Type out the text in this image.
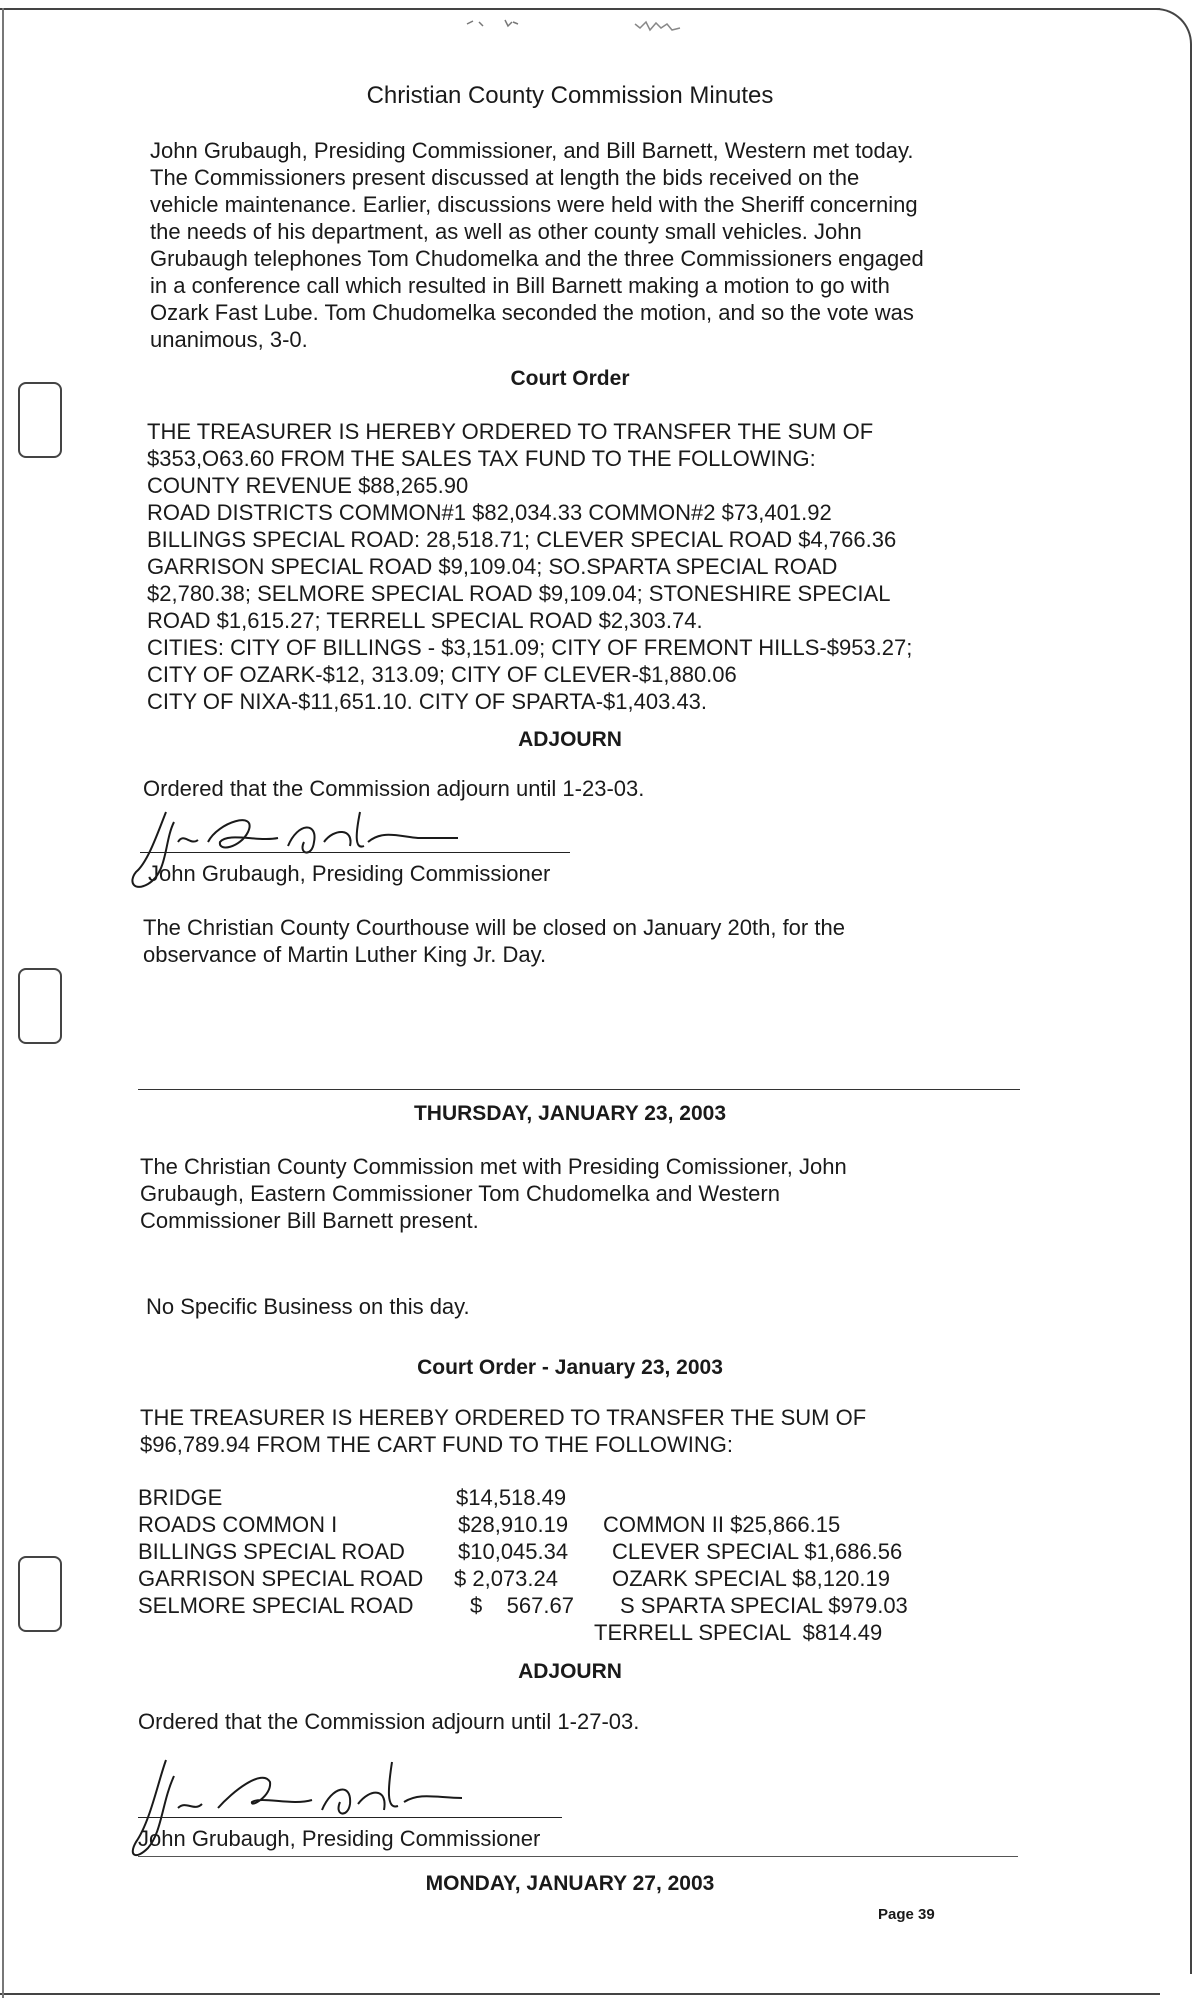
Christian County Commission Minutes
John Grubaugh, Presiding Commissioner, and Bill Barnett, Western met today.
The Commissioners present discussed at length the bids received on the
vehicle maintenance. Earlier, discussions were held with the Sheriff concerning
the needs of his department, as well as other county small vehicles. John
Grubaugh telephones Tom Chudomelka and the three Commissioners engaged
in a conference call which resulted in Bill Barnett making a motion to go with
Ozark Fast Lube. Tom Chudomelka seconded the motion, and so the vote was
unanimous, 3-0.
Court Order
THE TREASURER IS HEREBY ORDERED TO TRANSFER THE SUM OF
$353,O63.60 FROM THE SALES TAX FUND TO THE FOLLOWING:
COUNTY REVENUE $88,265.90
ROAD DISTRICTS COMMON#1 $82,034.33 COMMON#2 $73,401.92
BILLINGS SPECIAL ROAD: 28,518.71; CLEVER SPECIAL ROAD $4,766.36
GARRISON SPECIAL ROAD $9,109.04; SO.SPARTA SPECIAL ROAD
$2,780.38; SELMORE SPECIAL ROAD $9,109.04; STONESHIRE SPECIAL
ROAD $1,615.27; TERRELL SPECIAL ROAD $2,303.74.
CITIES: CITY OF BILLINGS - $3,151.09; CITY OF FREMONT HILLS-$953.27;
CITY OF OZARK-$12, 313.09; CITY OF CLEVER-$1,880.06
CITY OF NIXA-$11,651.10. CITY OF SPARTA-$1,403.43.
ADJOURN
Ordered that the Commission adjourn until 1-23-03.
John Grubaugh, Presiding Commissioner
The Christian County Courthouse will be closed on January 20th, for the
observance of Martin Luther King Jr. Day.
THURSDAY, JANUARY 23, 2003
The Christian County Commission met with Presiding Comissioner, John
Grubaugh, Eastern Commissioner Tom Chudomelka and Western
Commissioner Bill Barnett present.
No Specific Business on this day.
Court Order - January 23, 2003
THE TREASURER IS HEREBY ORDERED TO TRANSFER THE SUM OF
$96,789.94 FROM THE CART FUND TO THE FOLLOWING:
BRIDGE	$14,518.49
ROADS COMMON I	$28,910.19 COMMON II $25,866.15
BILLINGS SPECIAL ROAD $10,045.34 CLEVER SPECIAL $1,686.56
GARRISON SPECIAL ROAD $ 2,073.24 OZARK SPECIAL $8,120.19
SELMORE SPECIAL ROAD	$    567.67 S SPARTA SPECIAL $979.03
TERRELL SPECIAL  $814.49
ADJOURN
Ordered that the Commission adjourn until 1-27-03.
John Grubaugh, Presiding Commissioner
MONDAY, JANUARY 27, 2003
Page 39
